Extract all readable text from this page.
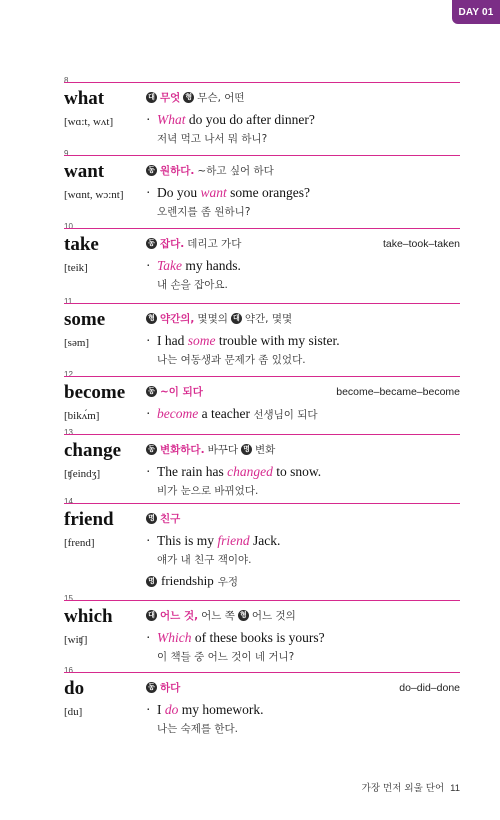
DAY 01
8
what
[wɑ:t, wʌt]
대 무엇 형 무슨, 어떤
· What do you do after dinner?
저녁 먹고 나서 뭐 하니?
9
want
[wɑnt, wɔ:nt]
동 원하다. ~하고 싶어 하다
· Do you want some oranges?
오렌지를 좀 원하니?
10
take
[teik]
동 잡다. 데리고 가다	take–took–taken
· Take my hands.
내 손을 잡아요.
11
some
[səm]
형 약간의, 몇몇의 대 약간, 몇몇
· I had some trouble with my sister.
나는 여동생과 문제가 좀 있었다.
12
become
[bikʌ́m]
동 ~이 되다	become–became–become
· become a teacher 선생님이 되다
13
change
[ʧeindʒ]
동 변화하다. 바꾸다 명 변화
· The rain has changed to snow.
비가 눈으로 바뀌었다.
14
friend
[frend]
명 친구
· This is my friend Jack.
얘가 내 친구 잭이야.
명 friendship 우정
15
which
[wiʧ]
대 어느 것, 어느 쪽 형 어느 것의
· Which of these books is yours?
이 책들 중 어느 것이 네 거니?
16
do
[du]
동 하다	do–did–done
· I do my homework.
나는 숙제를 한다.
가장 먼저 외울 단어 11
